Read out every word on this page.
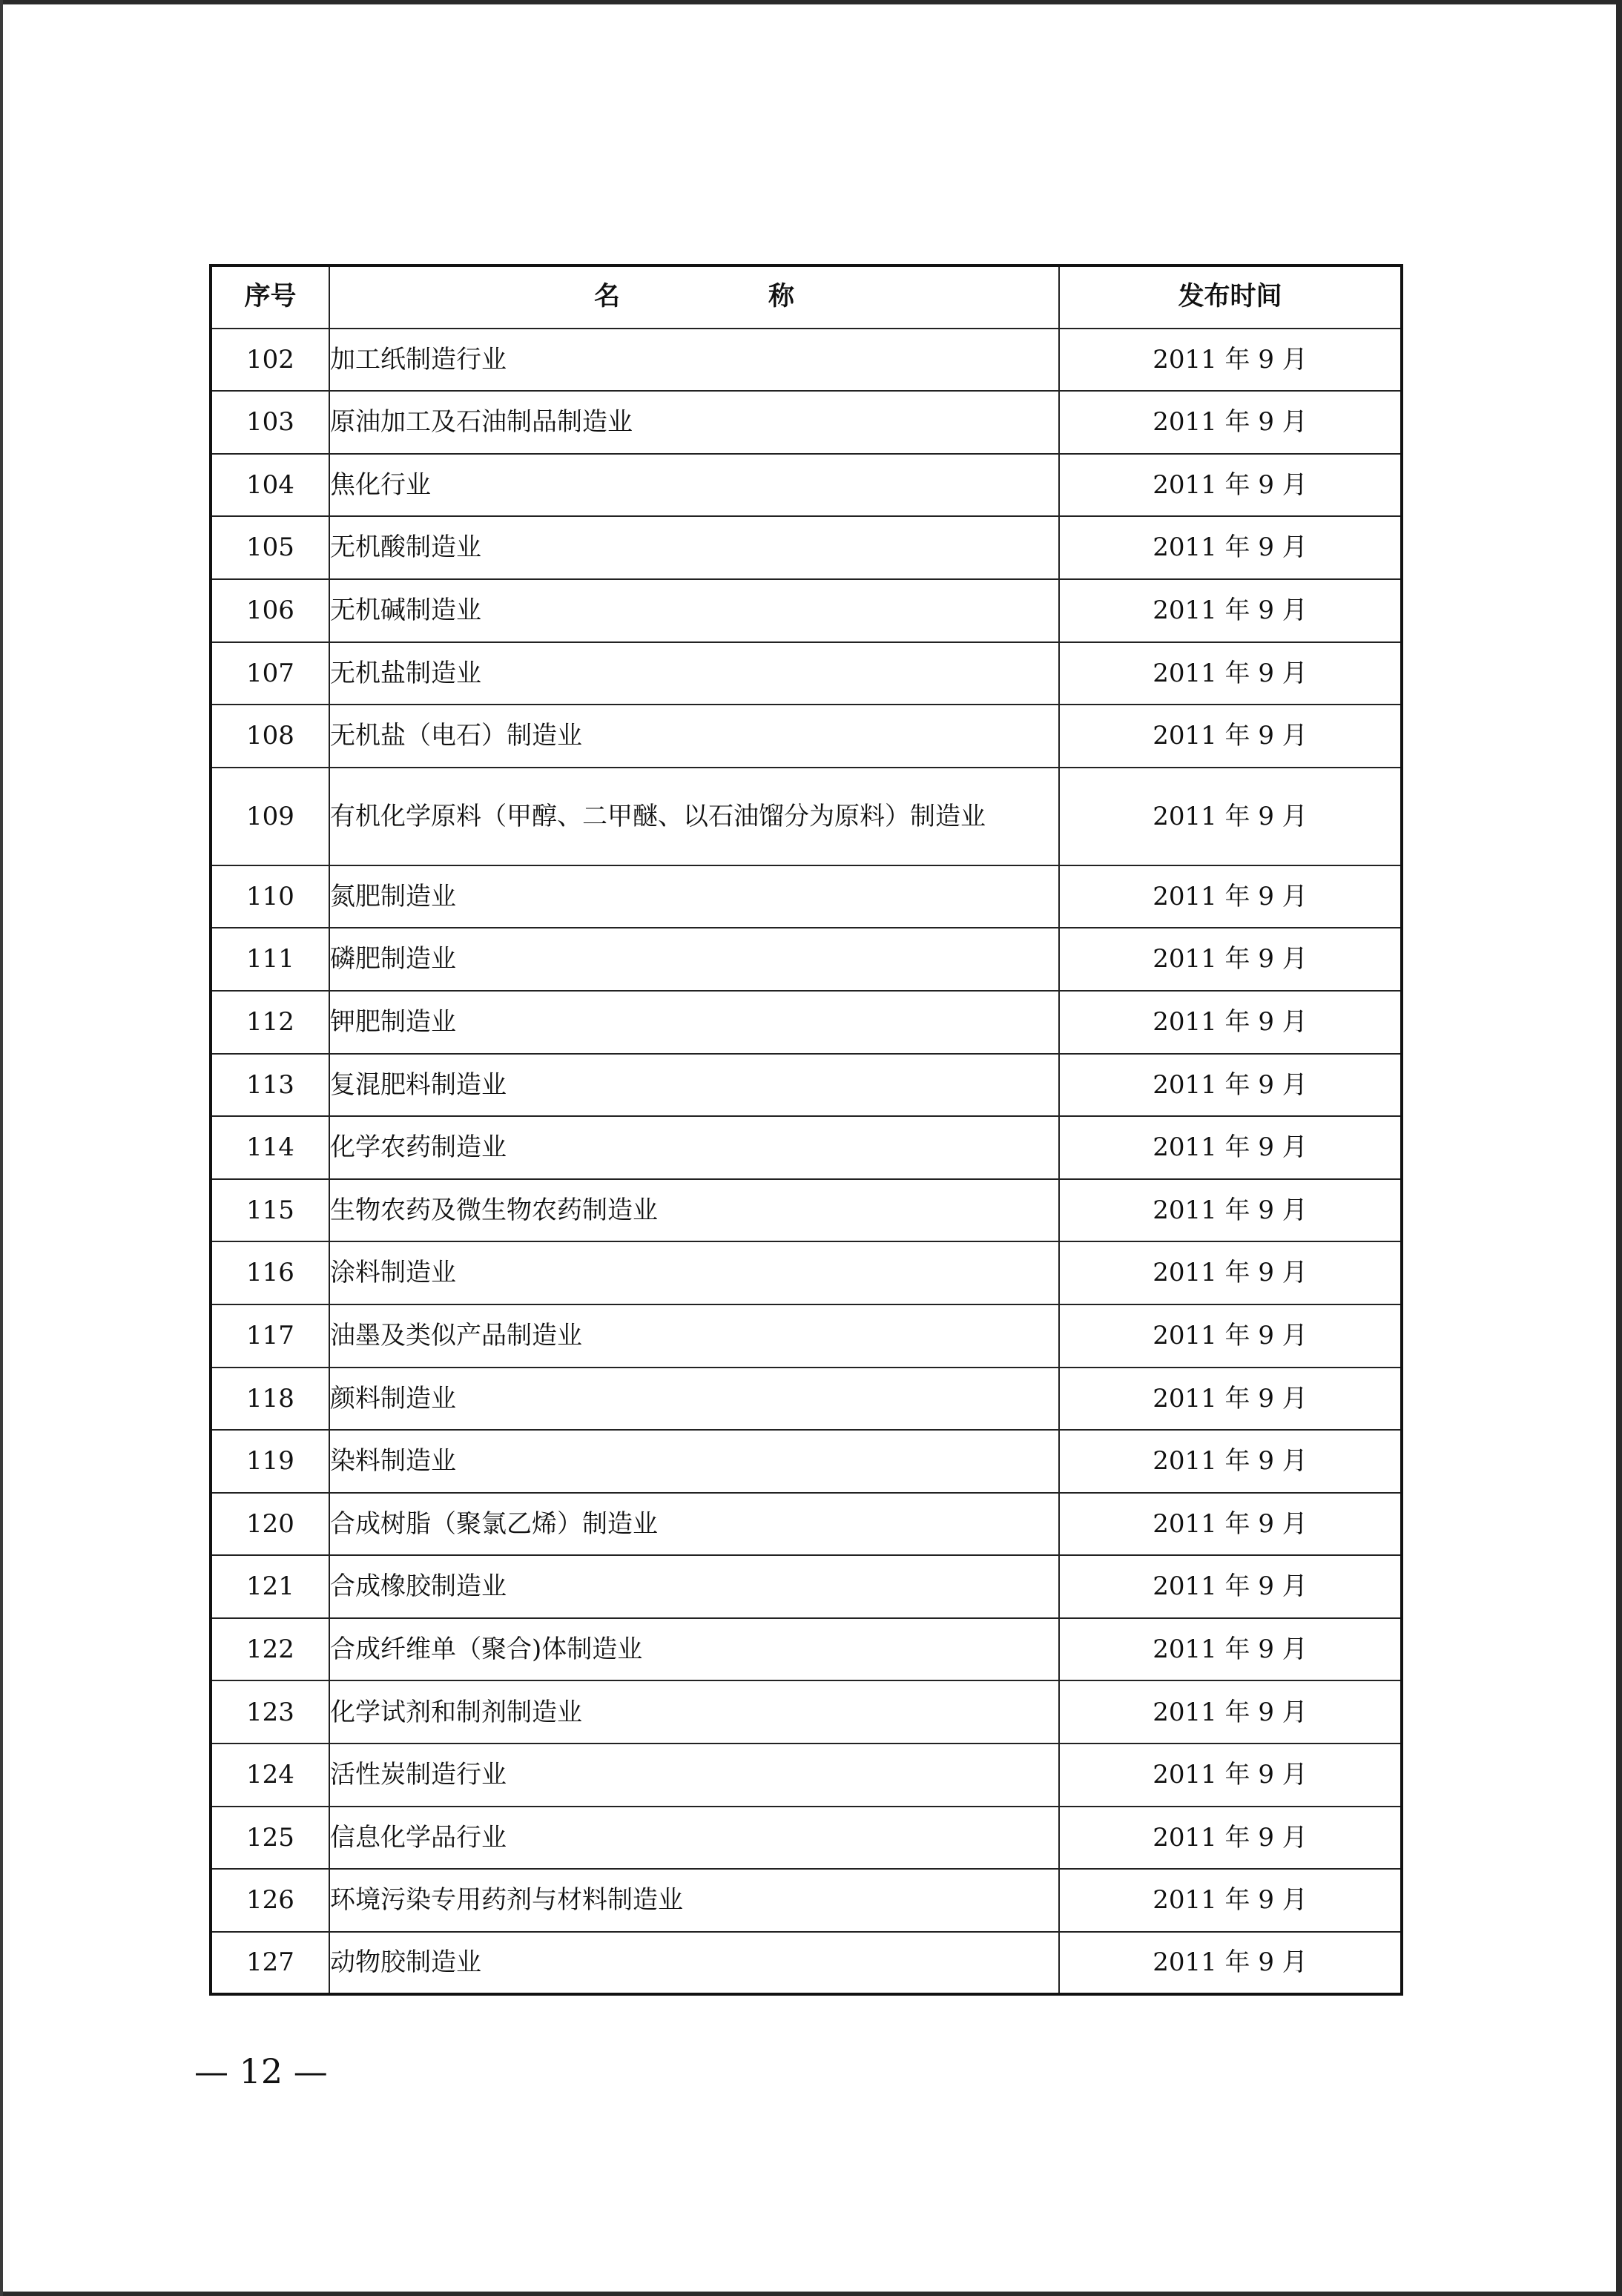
序号	名称	发布时间
102	加工纸制造行业	2011 年 9 月
103	原油加工及石油制品制造业	2011 年 9 月
104	焦化行业	2011 年 9 月
105	无机酸制造业	2011 年 9 月
106	无机碱制造业	2011 年 9 月
107	无机盐制造业	2011 年 9 月
108	无机盐（电石）制造业	2011 年 9 月
109	有机化学原料（甲醇、二甲醚、以石油馏分为原料）制造业	2011 年 9 月
110	氮肥制造业	2011 年 9 月
111	磷肥制造业	2011 年 9 月
112	钾肥制造业	2011 年 9 月
113	复混肥料制造业	2011 年 9 月
114	化学农药制造业	2011 年 9 月
115	生物农药及微生物农药制造业	2011 年 9 月
116	涂料制造业	2011 年 9 月
117	油墨及类似产品制造业	2011 年 9 月
118	颜料制造业	2011 年 9 月
119	染料制造业	2011 年 9 月
120	合成树脂（聚氯乙烯）制造业	2011 年 9 月
121	合成橡胶制造业	2011 年 9 月
122	合成纤维单（聚合)体制造业	2011 年 9 月
123	化学试剂和制剂制造业	2011 年 9 月
124	活性炭制造行业	2011 年 9 月
125	信息化学品行业	2011 年 9 月
126	环境污染专用药剂与材料制造业	2011 年 9 月
127	动物胶制造业	2011 年 9 月
— 12 —
